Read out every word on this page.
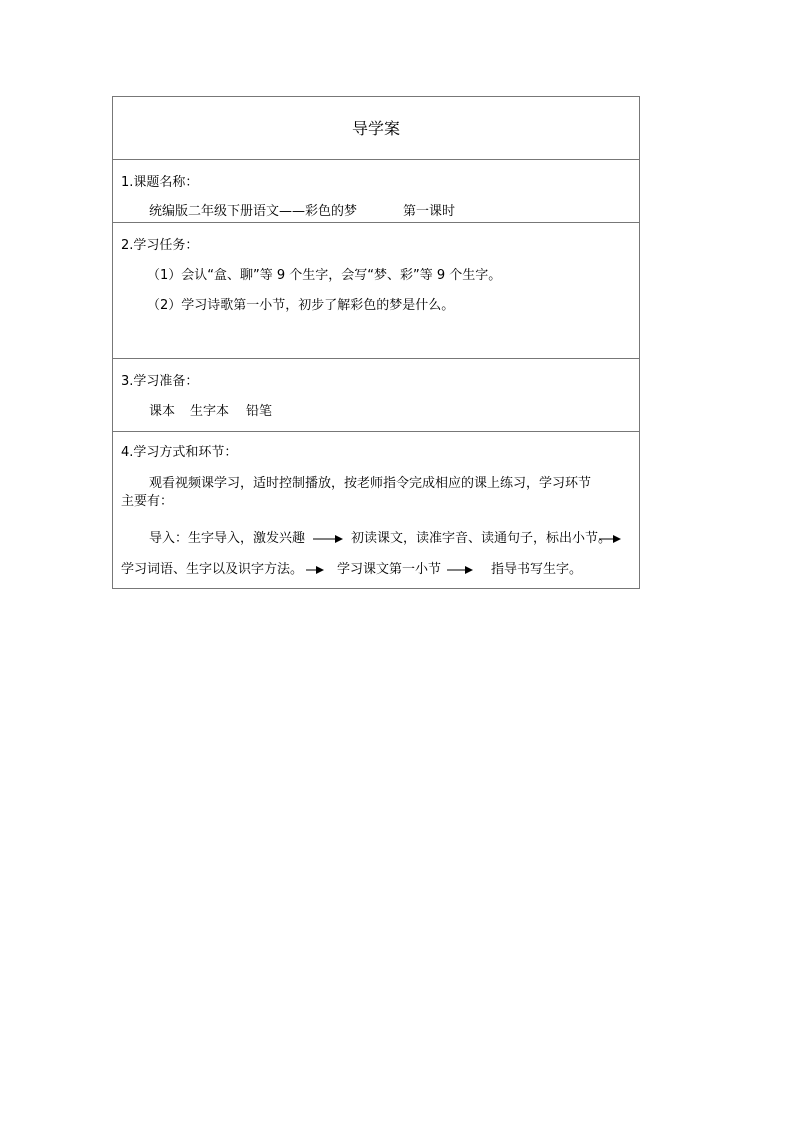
导学案
1.课题名称：
统编版二年级下册语文——彩色的梦	第一课时
2.学习任务：
（1）会认“盒、聊”等 9 个生字，会写“梦、彩”等 9 个生字。
（2）学习诗歌第一小节，初步了解彩色的梦是什么。
3.学习准备：
课本 生字本 铅笔
4.学习方式和环节：
观看视频课学习，适时控制播放，按老师指令完成相应的课上练习，学习环节
主要有：
导入：生字导入，激发兴趣	初读课文，读准字音、读通句子，标出小节。
学习词语、生字以及识字方法。	学习课文第一小节	指导书写生字。
